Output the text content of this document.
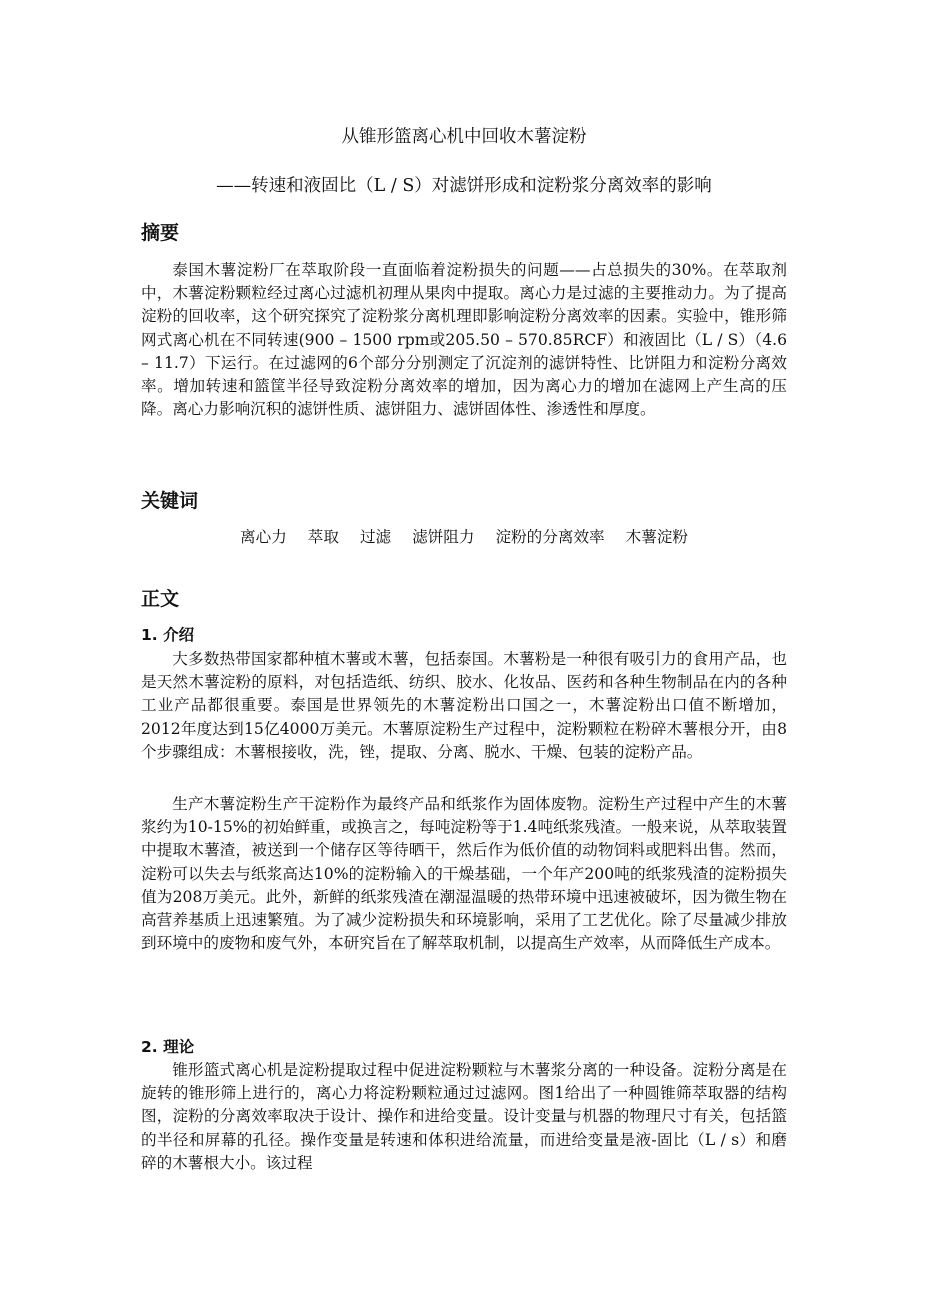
从锥形篮离心机中回收木薯淀粉
——转速和液固比（L / S）对滤饼形成和淀粉浆分离效率的影响
摘要

泰国木薯淀粉厂在萃取阶段一直面临着淀粉损失的问题——占总损失的30%。在萃取剂中，木薯淀粉颗粒经过离心过滤机初理从果肉中提取。离心力是过滤的主要推动力。为了提高淀粉的回收率，这个研究探究了淀粉浆分离机理即影响淀粉分离效率的因素。实验中，锥形筛网式离心机在不同转速(900 – 1500 rpm或205.50 – 570.85RCF）和液固比（L / S）（4.6 – 11.7）下运行。在过滤网的6个部分分别测定了沉淀剂的滤饼特性、比饼阻力和淀粉分离效率。增加转速和篮筐半径导致淀粉分离效率的增加，因为离心力的增加在滤网上产生高的压降。离心力影响沉积的滤饼性质、滤饼阻力、滤饼固体性、渗透性和厚度。

关键词
离心力 萃取 过滤 滤饼阻力 淀粉的分离效率 木薯淀粉
正文
1. 介绍

大多数热带国家都种植木薯或木薯，包括泰国。木薯粉是一种很有吸引力的食用产品，也是天然木薯淀粉的原料，对包括造纸、纺织、胶水、化妆品、医药和各种生物制品在内的各种工业产品都很重要。泰国是世界领先的木薯淀粉出口国之一，木薯淀粉出口值不断增加，2012年度达到15亿4000万美元。木薯原淀粉生产过程中，淀粉颗粒在粉碎木薯根分开，由8个步骤组成：木薯根接收，洗，锉，提取、分离、脱水、干燥、包装的淀粉产品。

生产木薯淀粉生产干淀粉作为最终产品和纸浆作为固体废物。淀粉生产过程中产生的木薯浆约为10-15%的初始鲜重，或换言之，每吨淀粉等于1.4吨纸浆残渣。一般来说，从萃取装置中提取木薯渣，被送到一个储存区等待晒干，然后作为低价值的动物饲料或肥料出售。然而，淀粉可以失去与纸浆高达10%的淀粉输入的干燥基础，一个年产200吨的纸浆残渣的淀粉损失值为208万美元。此外，新鲜的纸浆残渣在潮湿温暖的热带环境中迅速被破坏，因为微生物在高营养基质上迅速繁殖。为了减少淀粉损失和环境影响，采用了工艺优化。除了尽量减少排放到环境中的废物和废气外，本研究旨在了解萃取机制，以提高生产效率，从而降低生产成本。

2. 理论

锥形篮式离心机是淀粉提取过程中促进淀粉颗粒与木薯浆分离的一种设备。淀粉分离是在旋转的锥形筛上进行的，离心力将淀粉颗粒通过过滤网。图1给出了一种圆锥筛萃取器的结构图，淀粉的分离效率取决于设计、操作和进给变量。设计变量与机器的物理尺寸有关，包括篮的半径和屏幕的孔径。操作变量是转速和体积进给流量，而进给变量是液-固比（L / s）和磨碎的木薯根大小。该过程
